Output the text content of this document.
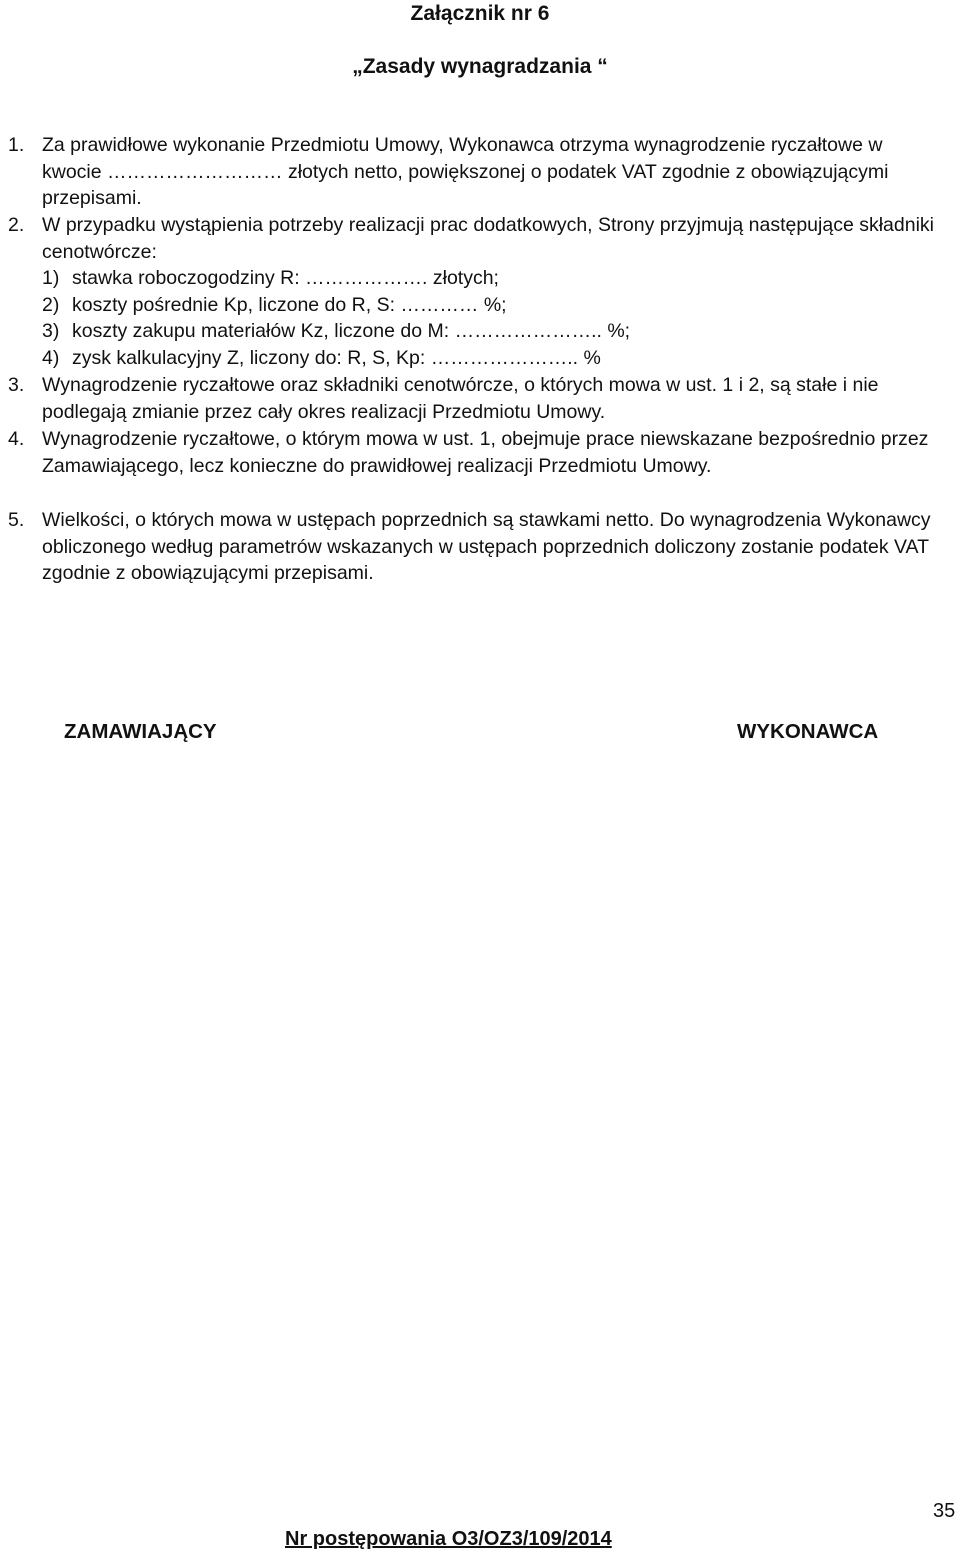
Załącznik nr 6
„Zasady wynagradzania “
1. Za prawidłowe wykonanie Przedmiotu Umowy, Wykonawca otrzyma wynagrodzenie ryczałtowe w kwocie ……………………… złotych netto, powiększonej o podatek VAT zgodnie z obowiązującymi przepisami.
2. W przypadku wystąpienia potrzeby realizacji prac dodatkowych, Strony przyjmują następujące składniki cenotwórcze:
1) stawka roboczogodziny R: ………………. złotych;
2) koszty pośrednie Kp, liczone do R, S: ………… %;
3) koszty zakupu materiałów Kz, liczone do M: ………………….. %;
4) zysk kalkulacyjny Z, liczony do: R, S, Kp: ………………….. %
3. Wynagrodzenie ryczałtowe oraz składniki cenotwórcze, o których mowa w ust. 1 i 2, są stałe i nie podlegają zmianie przez cały okres realizacji Przedmiotu Umowy.
4. Wynagrodzenie ryczałtowe, o którym mowa w ust. 1, obejmuje prace niewskazane bezpośrednio przez Zamawiającego, lecz konieczne do prawidłowej realizacji Przedmiotu Umowy.
5. Wielkości, o których mowa w ustępach poprzednich są stawkami netto. Do wynagrodzenia Wykonawcy obliczonego według parametrów wskazanych w ustępach poprzednich doliczony zostanie podatek VAT zgodnie z obowiązującymi przepisami.
ZAMAWIAJĄCY	WYKONAWCA
35
Nr postępowania O3/OZ3/109/2014
